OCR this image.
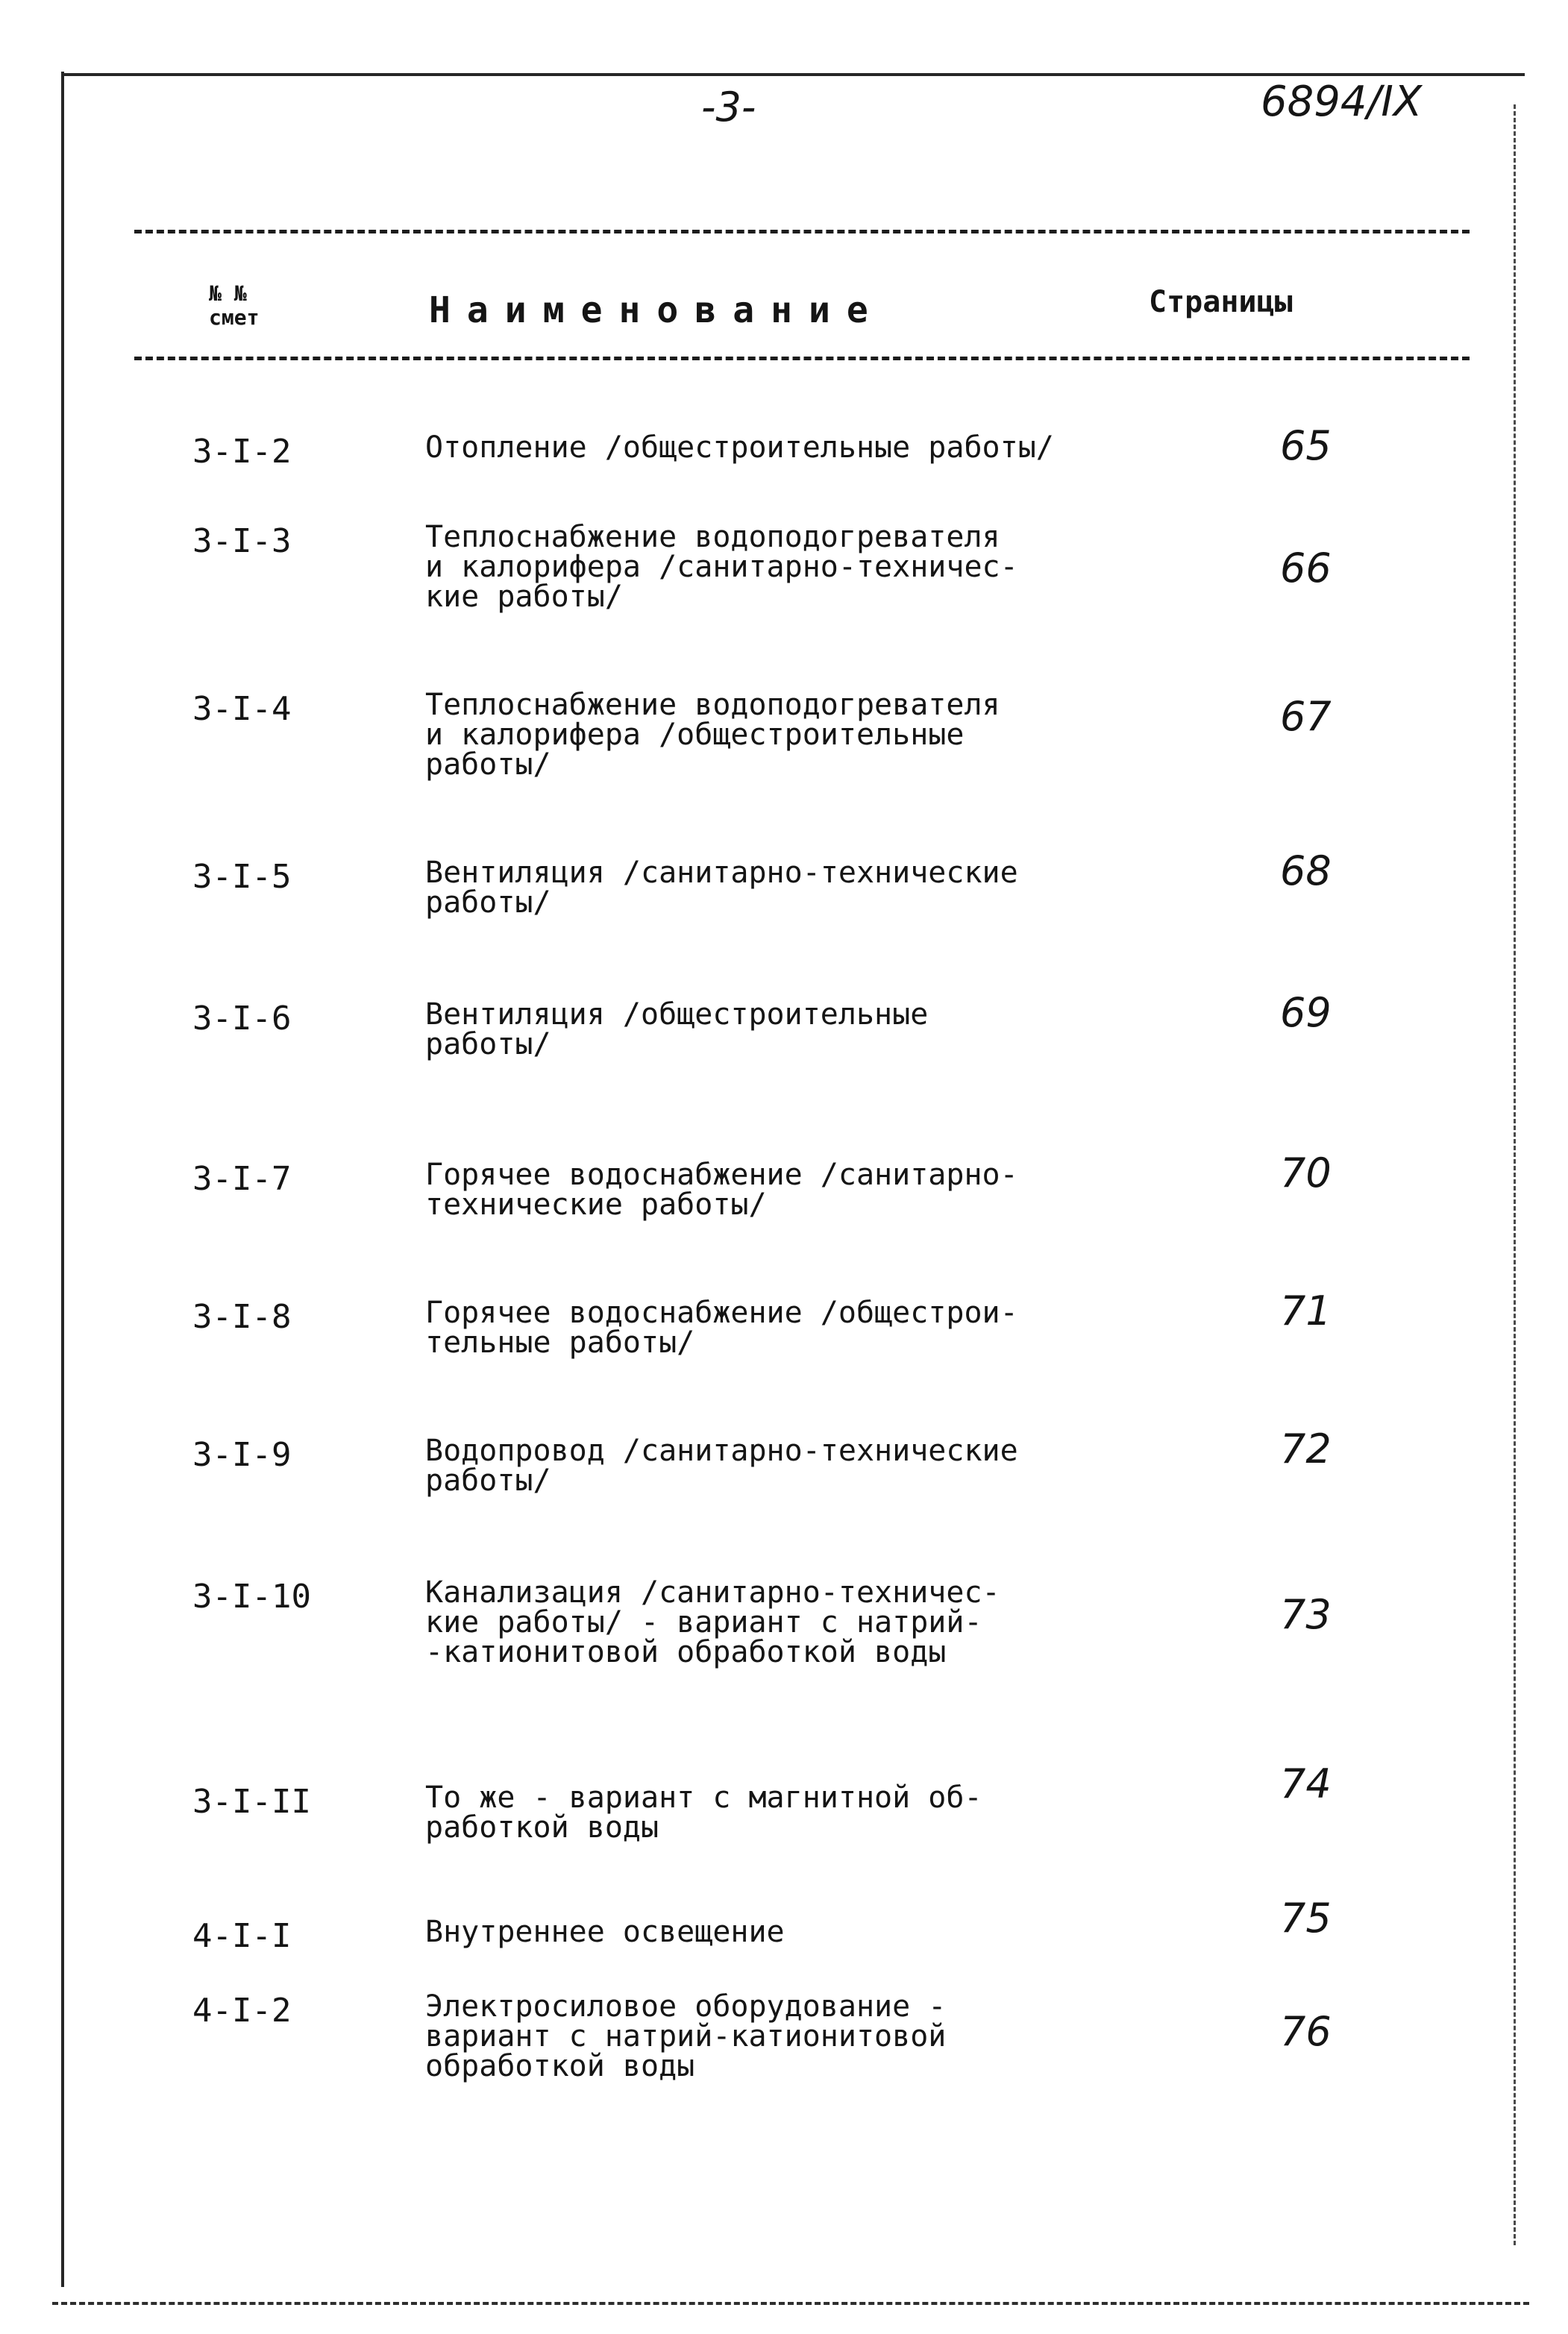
-3-	6894/IX
№ №
смет	Наименование	Страницы
3-I-2	Отопление /общестроительные работы/	65
3-I-3	Теплоснабжение водоподогревателя
и калорифера /санитарно-техничес-
кие работы/
66
3-I-4	Теплоснабжение водоподогревателя
и калорифера /общестроительные
работы/
67
3-I-5	Вентиляция /санитарно-технические
работы/
68
3-I-6	Вентиляция /общестроительные
работы/
69
3-I-7	Горячее водоснабжение /санитарно-
технические работы/
70
3-I-8	Горячее водоснабжение /общестрои-
тельные работы/
71
3-I-9	Водопровод /санитарно-технические
работы/
72
3-I-10	Канализация /санитарно-техничес-
кие работы/ - вариант с натрий-
-катионитовой обработкой воды
73
3-I-II	То же - вариант с магнитной об-
работкой воды
74
4-I-I	Внутреннее освещение	75
4-I-2	Электросиловое оборудование -
вариант с натрий-катионитовой
обработкой воды
76
